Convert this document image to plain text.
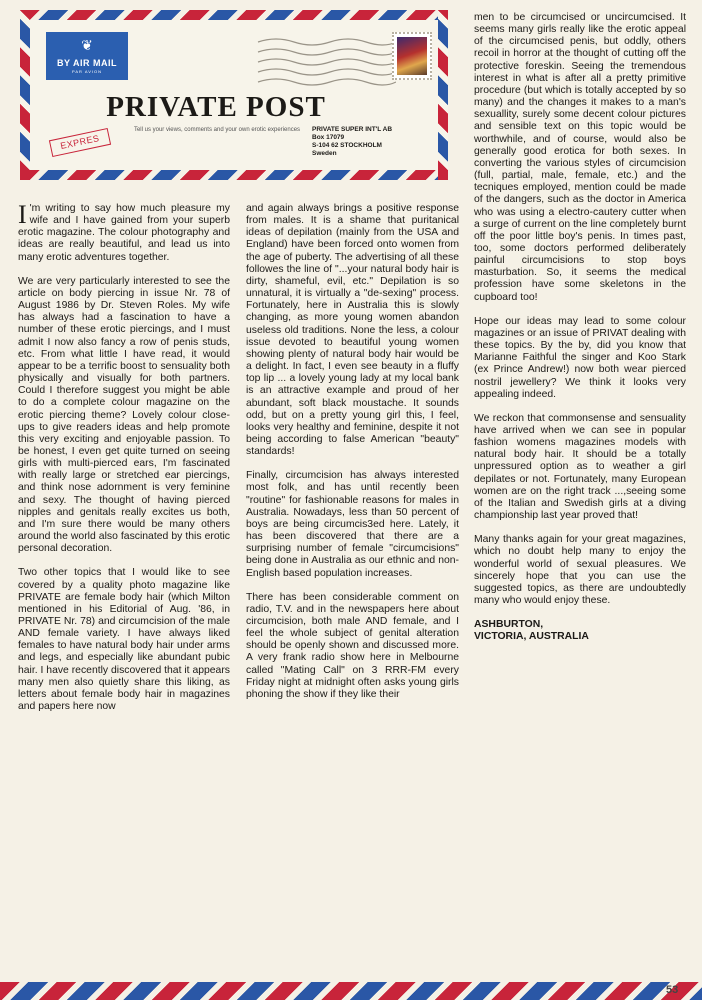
❦
BY AIR MAIL
PAR AVION
PRIVATE POST
Tell us your views, comments and your own erotic experiences	PRIVATE SUPER INT'L AB
Box 17079
S-104 62 STOCKHOLM
Sweden
EXPRES

I 'm writing to say how much pleasure my wife and I have gained from your superb erotic magazine. The colour photography and ideas are really beautiful, and lead us into many erotic adventures together.

We are very particularly interested to see the article on body piercing in issue Nr. 78 of August 1986 by Dr. Steven Roles. My wife has always had a fascination to have a number of these erotic piercings, and I must admit I now also fancy a row of penis studs, etc. From what little I have read, it would appear to be a terrific boost to sensuality both physically and visually for both partners. Could I therefore suggest you might be able to do a complete colour magazine on the erotic piercing theme? Lovely colour close-ups to give readers ideas and help promote this very exciting and enjoyable passion. To be honest, I even get quite turned on seeing girls with multi-pierced ears, I'm fascinated with really large or stretched ear piercings, and think nose adornment is very feminine and sexy. The thought of having pierced nipples and genitals really excites us both, and I'm sure there would be many others around the world also fascinated by this erotic personal decoration.

Two other topics that I would like to see covered by a quality photo magazine like PRIVATE are female body hair (which Milton mentioned in his Editorial of Aug. '86, in PRIVATE Nr. 78) and circumcision of the male AND female variety. I have always liked females to have natural body hair under arms and legs, and especially like abundant pubic hair. I have recently discovered that it appears many men also quietly share this liking, as letters about female body hair in magazines and papers here now

and again always brings a positive response from males. It is a shame that puritanical ideas of depilation (mainly from the USA and England) have been forced onto women from the age of puberty. The advertising of all these followes the line of "...your natural body hair is dirty, shameful, evil, etc." Depilation is so unnatural, it is virtually a "de-sexing" process. Fortunately, here in Australia this is slowly changing, as more young women abandon useless old traditions. None the less, a colour issue devoted to beautiful young women showing plenty of natural body hair would be a delight. In fact, I even see beauty in a fluffy top lip ... a lovely young lady at my local bank is an attractive example and proud of her abundant, soft black moustache. It sounds odd, but on a pretty young girl this, I feel, looks very healthy and feminine, despite it not being according to false American "beauty" standards!

Finally, circumcision has always interested most folk, and has until recently been "routine" for fashionable reasons for males in Australia. Nowadays, less than 50 percent of boys are being circumcis3ed here. Lately, it has been discovered that there are a surprising number of female "circumcisions" being done in Australia as our ethnic and non-English based population increases.

There has been considerable comment on radio, T.V. and in the newspapers here about circumcision, both male AND female, and I feel the whole subject of genital alteration should be openly shown and discussed more. A very frank radio show here in Melbourne called "Mating Call" on 3 RRR-FM every Friday night at midnight often asks young girls phoning the show if they like their

men to be circumcised or uncircumcised. It seems many girls really like the erotic appeal of the circumcised penis, but oddly, others recoil in horror at the thought of cutting off the protective foreskin. Seeing the tremendous interest in what is after all a pretty primitive procedure (but which is totally accepted by so many) and the changes it makes to a man's sexuallity, surely some decent colour pictures and sensible text on this topic would be worthwhile, and of course, would also be generally good erotica for both sexes. In converting the various styles of circumcision (full, partial, male, female, etc.) and the tecniques employed, mention could be made of the dangers, such as the doctor in America who was using a electro-cautery cutter when a surge of current on the line completely burnt off the poor little boy's penis. In times past, too, some doctors performed deliberately painful circumcisions to stop boys masturbation. So, it seems the medical profession have some skeletons in the cupboard too!

Hope our ideas may lead to some colour magazines or an issue of PRIVAT dealing with these topics. By the by, did you know that Marianne Faithful the singer and Koo Stark (ex Prince Andrew!) now both wear pierced nostril jewellery? We think it looks very appealing indeed.

We reckon that commonsense and sensuality have arrived when we can see in popular fashion womens magazines models with natural body hair. It should be a totally unpressured option as to weather a girl depilates or not. Fortunately, many European women are on the right track ...,seeing some of the Italian and Swedish girls at a diving championship last year proved that!

Many thanks again for your great magazines, which no doubt help many to enjoy the wonderful world of sexual pleasures. We sincerely hope that you can use the suggested topics, as there are undoubtedly many who would enjoy these.

ASHBURTON,
VICTORIA, AUSTRALIA
53
